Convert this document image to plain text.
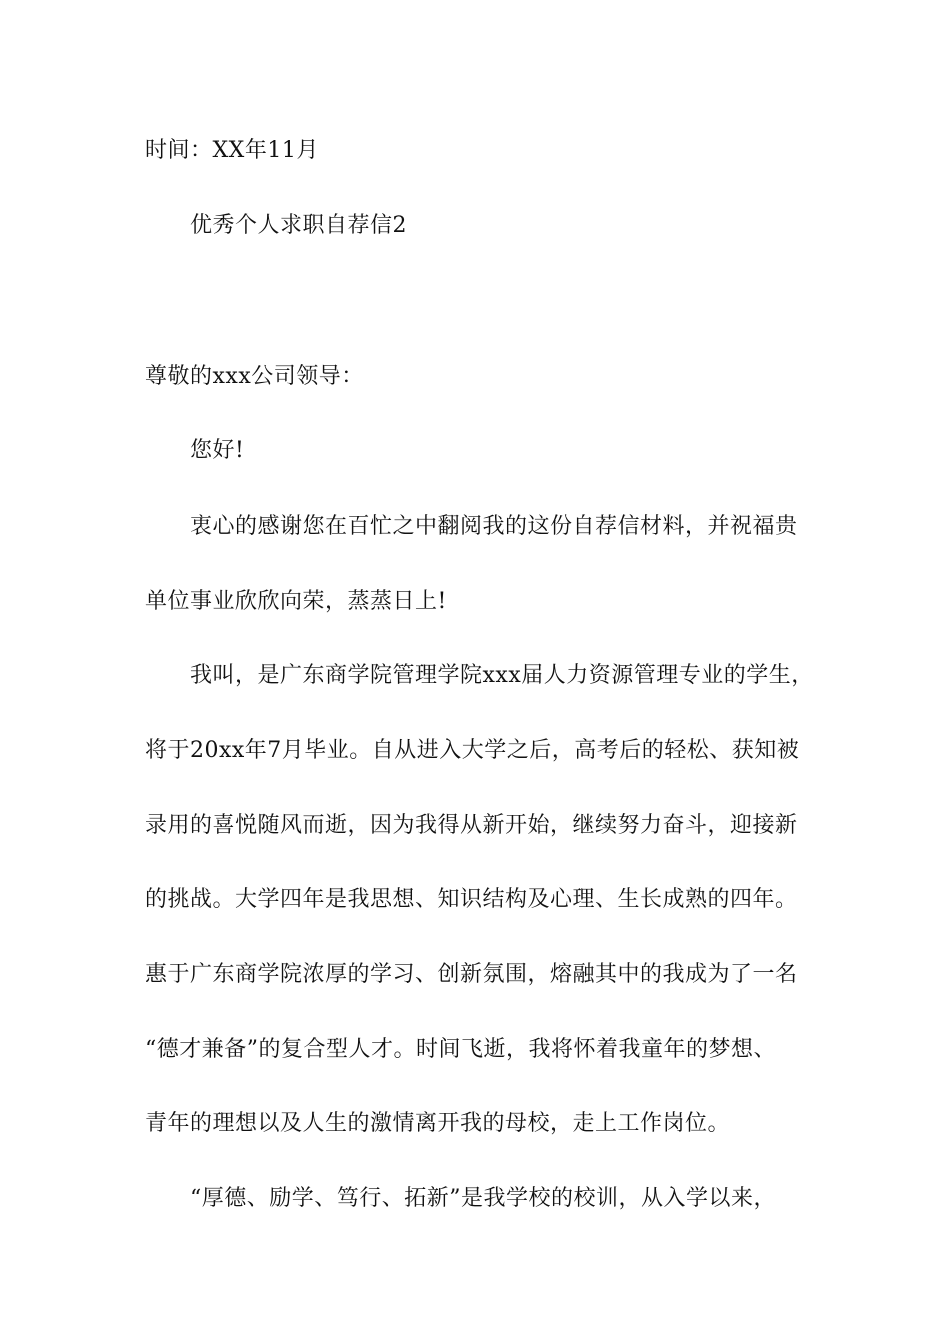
时间：XX年11月
优秀个人求职自荐信2
尊敬的xxx公司领导：
您好!
衷心的感谢您在百忙之中翻阅我的这份自荐信材料，并祝福贵
单位事业欣欣向荣，蒸蒸日上!
我叫，是广东商学院管理学院xxx届人力资源管理专业的学生，
将于20xx年7月毕业。自从进入大学之后，高考后的轻松、获知被
录用的喜悦随风而逝，因为我得从新开始，继续努力奋斗，迎接新
的挑战。大学四年是我思想、知识结构及心理、生长成熟的四年。
惠于广东商学院浓厚的学习、创新氛围，熔融其中的我成为了一名
“德才兼备”的复合型人才。时间飞逝，我将怀着我童年的梦想、
青年的理想以及人生的激情离开我的母校，走上工作岗位。
“厚德、励学、笃行、拓新”是我学校的校训，从入学以来，
